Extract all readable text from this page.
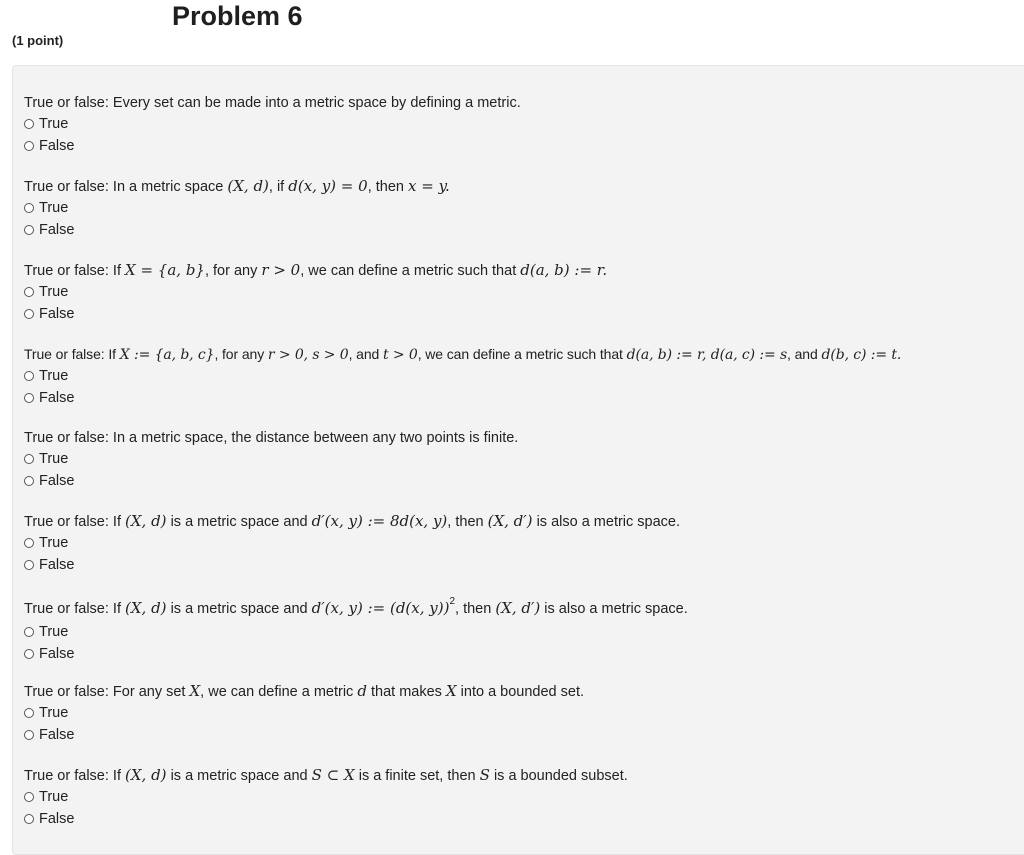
Problem 6
(1 point)
True or false: Every set can be made into a metric space by defining a metric.
True
False
True or false: In a metric space (X, d), if d(x, y) = 0, then x = y.
True
False
True or false: If X = {a, b}, for any r > 0, we can define a metric such that d(a, b) := r.
True
False
True or false: If X := {a, b, c}, for any r > 0, s > 0, and t > 0, we can define a metric such that d(a, b) := r, d(a, c) := s, and d(b, c) := t.
True
False
True or false: In a metric space, the distance between any two points is finite.
True
False
True or false: If (X, d) is a metric space and d′(x, y) := 8d(x, y), then (X, d′) is also a metric space.
True
False
True or false: If (X, d) is a metric space and d′(x, y) := (d(x, y))$^2$, then (X, d′) is also a metric space.
True
False
True or false: For any set X, we can define a metric d that makes X into a bounded set.
True
False
True or false: If (X, d) is a metric space and S ⊂ X is a finite set, then S is a bounded subset.
True
False
